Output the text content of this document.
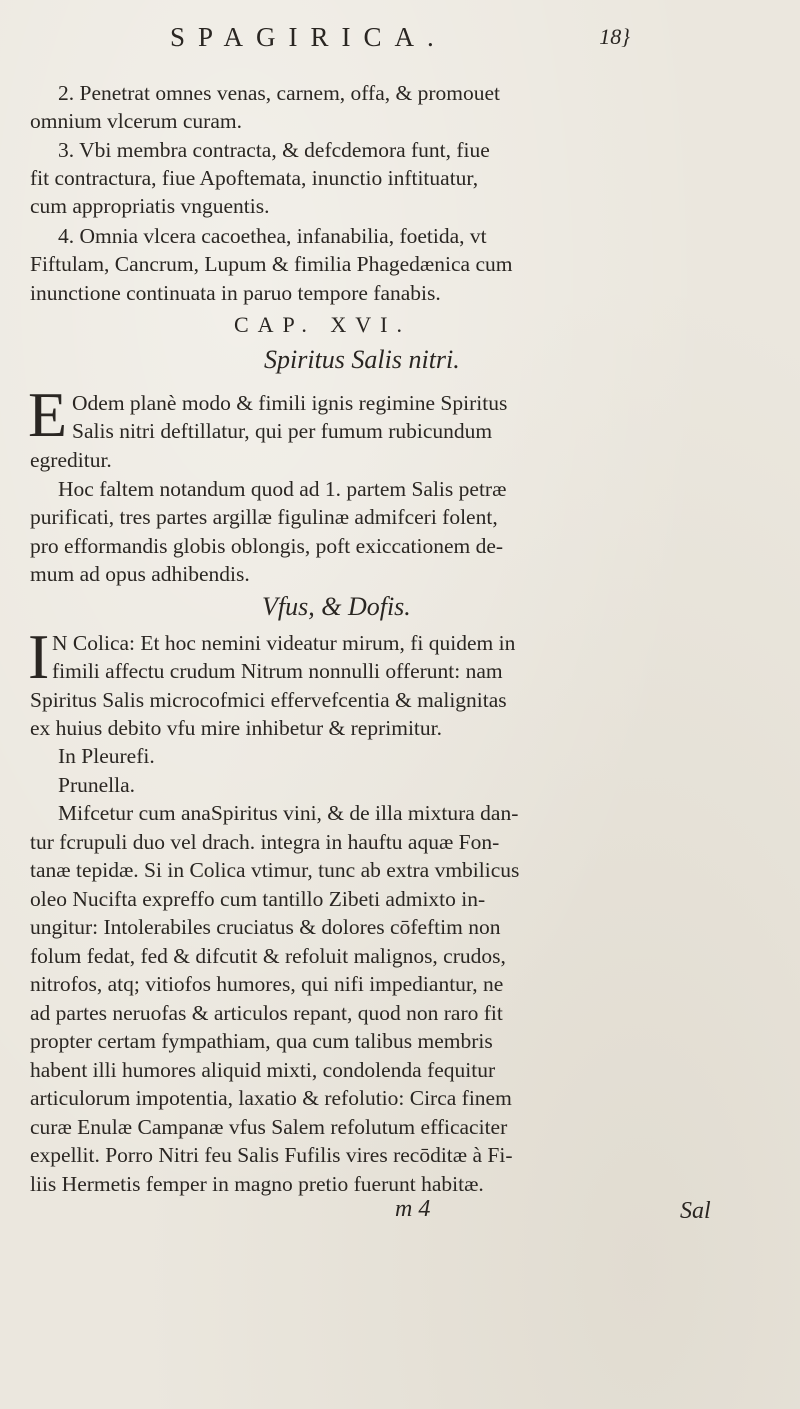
SPAGIRICA.	18}
2. Penetrat omnes venas, carnem, offa, & promouet
omnium vlcerum curam.
3. Vbi membra contracta, & defcdemora funt, fiue
fit contractura, fiue Apoftemata, inunctio inftituatur,
cum appropriatis vnguentis.
4. Omnia vlcera cacoethea, infanabilia, foetida, vt
Fiftulam, Cancrum, Lupum & fimilia Phagedænica cum
inunctione continuata in paruo tempore fanabis.
CAP. XVI.
Spiritus Salis nitri.
E Odem planè modo & fimili ignis regimine Spiritus
Salis nitri deftillatur, qui per fumum rubicundum
egreditur.
Hoc faltem notandum quod ad 1. partem Salis petræ
purificati, tres partes argillæ figulinæ admifceri folent,
pro efformandis globis oblongis, poft exiccationem de-
mum ad opus adhibendis.
Vfus, & Dofis.
I N Colica: Et hoc nemini videatur mirum, fi quidem in
fimili affectu crudum Nitrum nonnulli offerunt: nam
Spiritus Salis microcofmici effervefcentia & malignitas
ex huius debito vfu mire inhibetur & reprimitur.
In Pleurefi.
Prunella.
Mifcetur cum anaSpiritus vini, & de illa mixtura dan-
tur fcrupuli duo vel drach. integra in hauftu aquæ Fon-
tanæ tepidæ. Si in Colica vtimur, tunc ab extra vmbilicus
oleo Nucifta expreffo cum tantillo Zibeti admixto in-
ungitur: Intolerabiles cruciatus & dolores cōfeftim non
folum fedat, fed & difcutit & refoluit malignos, crudos,
nitrofos, atq; vitiofos humores, qui nifi impediantur, ne
ad partes neruofas & articulos repant, quod non raro fit
propter certam fympathiam, qua cum talibus membris
habent illi humores aliquid mixti, condolenda fequitur
articulorum impotentia, laxatio & refolutio: Circa finem
curæ Enulæ Campanæ vfus Salem refolutum efficaciter
expellit. Porro Nitri feu Salis Fufilis vires recōditæ à Fi-
liis Hermetis femper in magno pretio fuerunt habitæ.
m 4	Sal
